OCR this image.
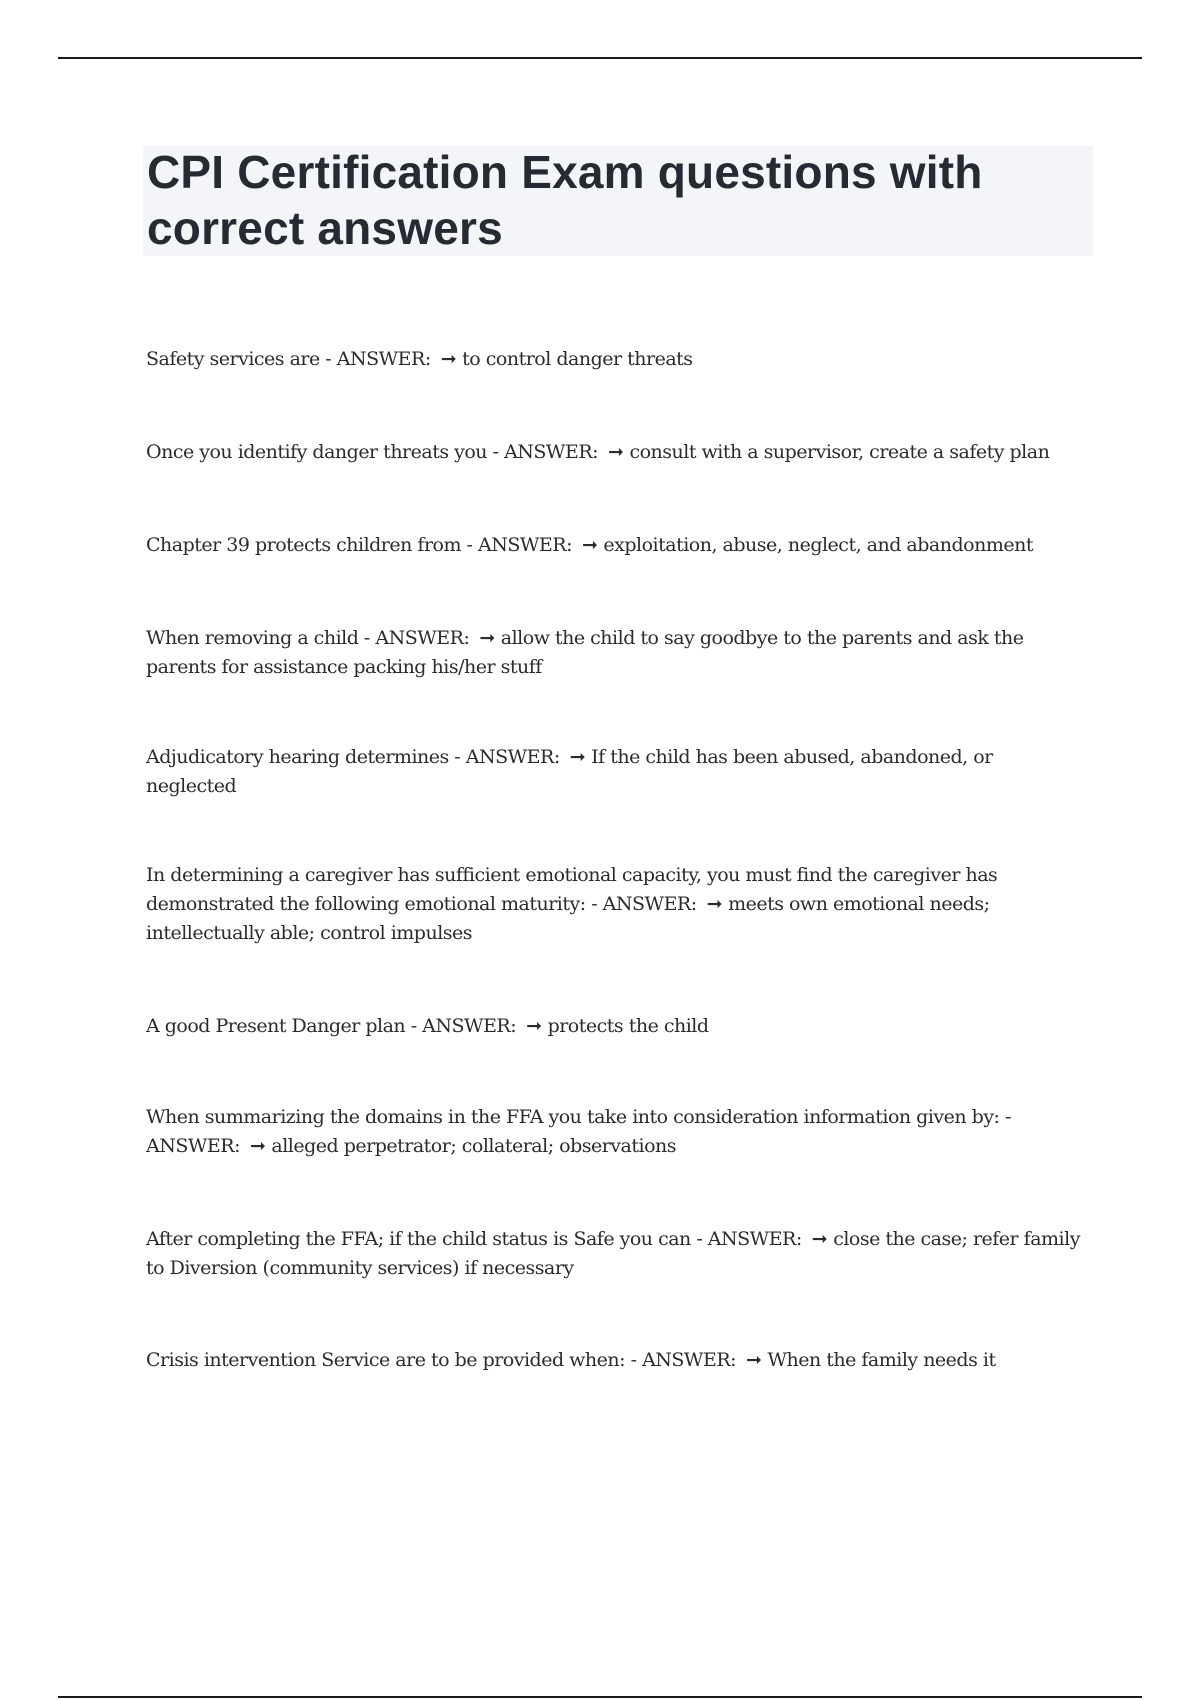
CPI Certification Exam questions with correct answers

Safety services are - ANSWER: ➞ to control danger threats

Once you identify danger threats you - ANSWER: ➞ consult with a supervisor, create a safety plan

Chapter 39 protects children from - ANSWER: ➞ exploitation, abuse, neglect, and abandonment

When removing a child - ANSWER: ➞ allow the child to say goodbye to the parents and ask the parents for assistance packing his/her stuff

Adjudicatory hearing determines - ANSWER: ➞ If the child has been abused, abandoned, or neglected

In determining a caregiver has sufficient emotional capacity, you must find the caregiver has demonstrated the following emotional maturity: - ANSWER: ➞ meets own emotional needs; intellectually able; control impulses

A good Present Danger plan - ANSWER: ➞ protects the child

When summarizing the domains in the FFA you take into consideration information given by: - ANSWER: ➞ alleged perpetrator; collateral; observations

After completing the FFA; if the child status is Safe you can - ANSWER: ➞ close the case; refer family to Diversion (community services) if necessary

Crisis intervention Service are to be provided when: - ANSWER: ➞ When the family needs it
